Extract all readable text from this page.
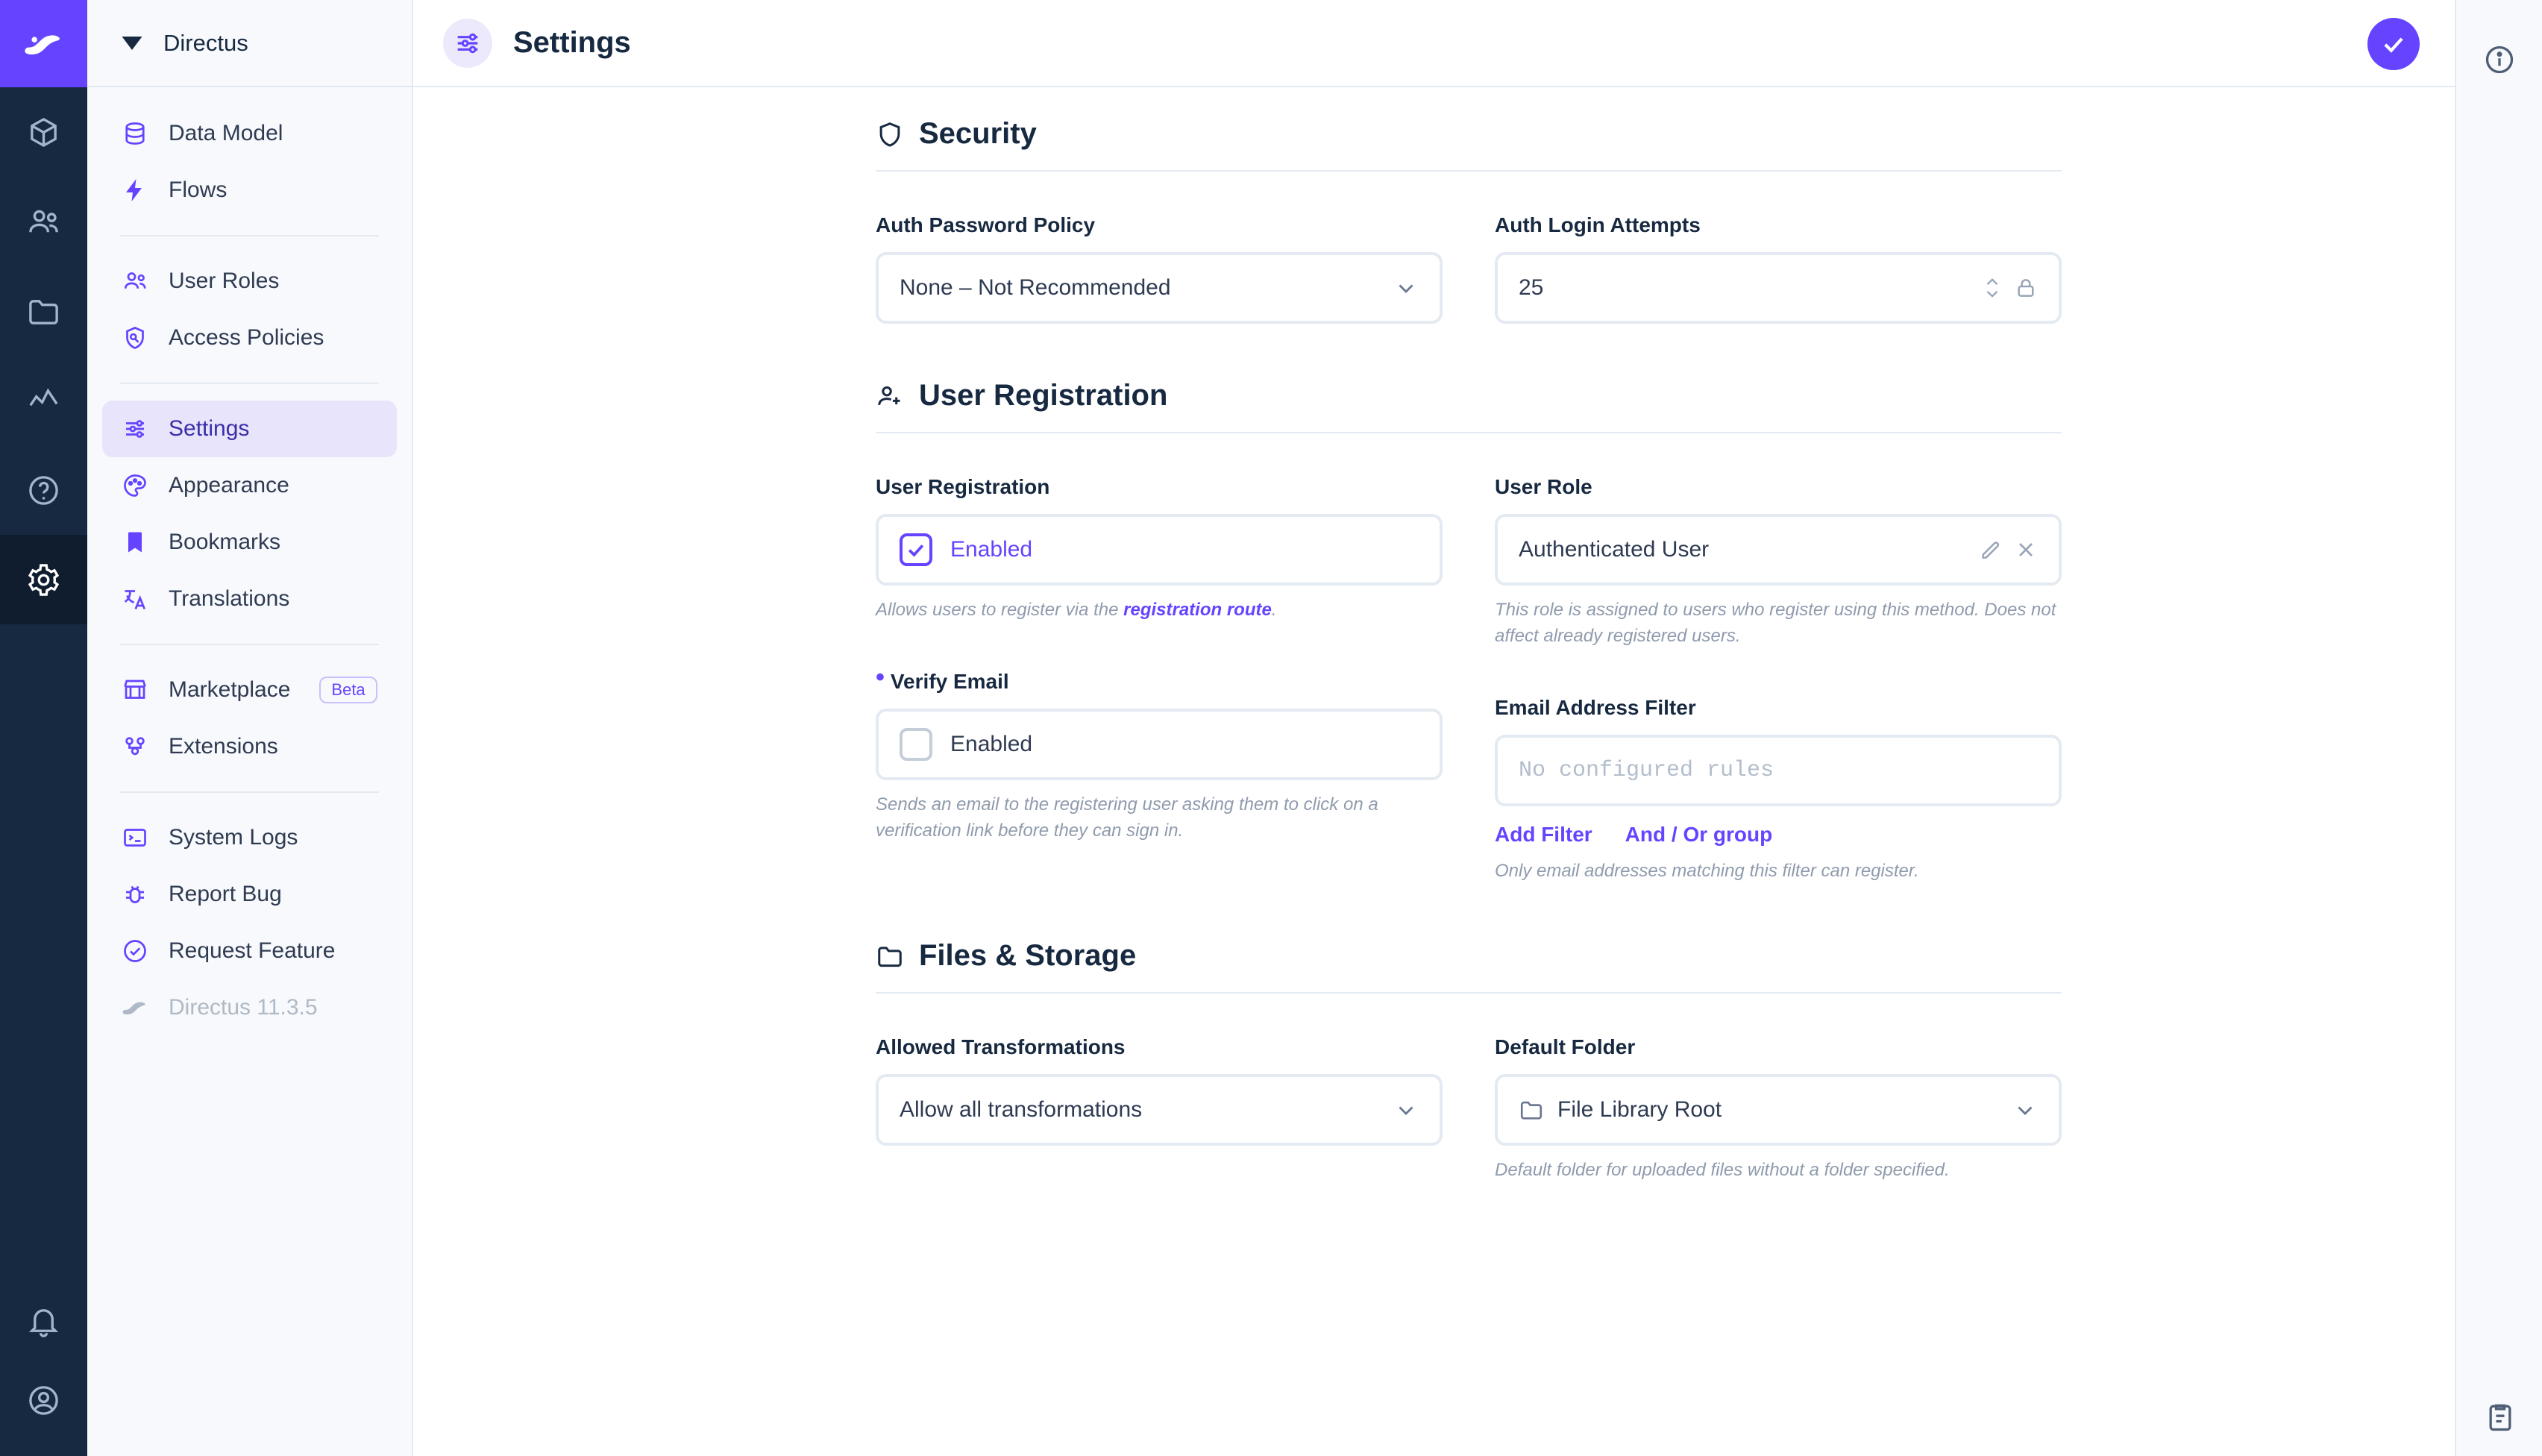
Directus
Data Model
Flows
User Roles
Access Policies
Settings
Appearance
Bookmarks
Translations
Marketplace	Beta
Extensions
System Logs
Report Bug
Request Feature
Directus 11.3.5
Settings
Security
Auth Password Policy
None – Not Recommended
Auth Login Attempts
25
User Registration
User Registration
Enabled
Allows users to register via the registration route.
• Verify Email
Enabled
Sends an email to the registering user asking them to click on a verification link before they can sign in.
User Role
Authenticated User
This role is assigned to users who register using this method. Does not affect already registered users.
Email Address Filter
No configured rules
Add Filter And / Or group
Only email addresses matching this filter can register.
Files & Storage
Allowed Transformations
Allow all transformations
Default Folder
File Library Root
Default folder for uploaded files without a folder specified.
